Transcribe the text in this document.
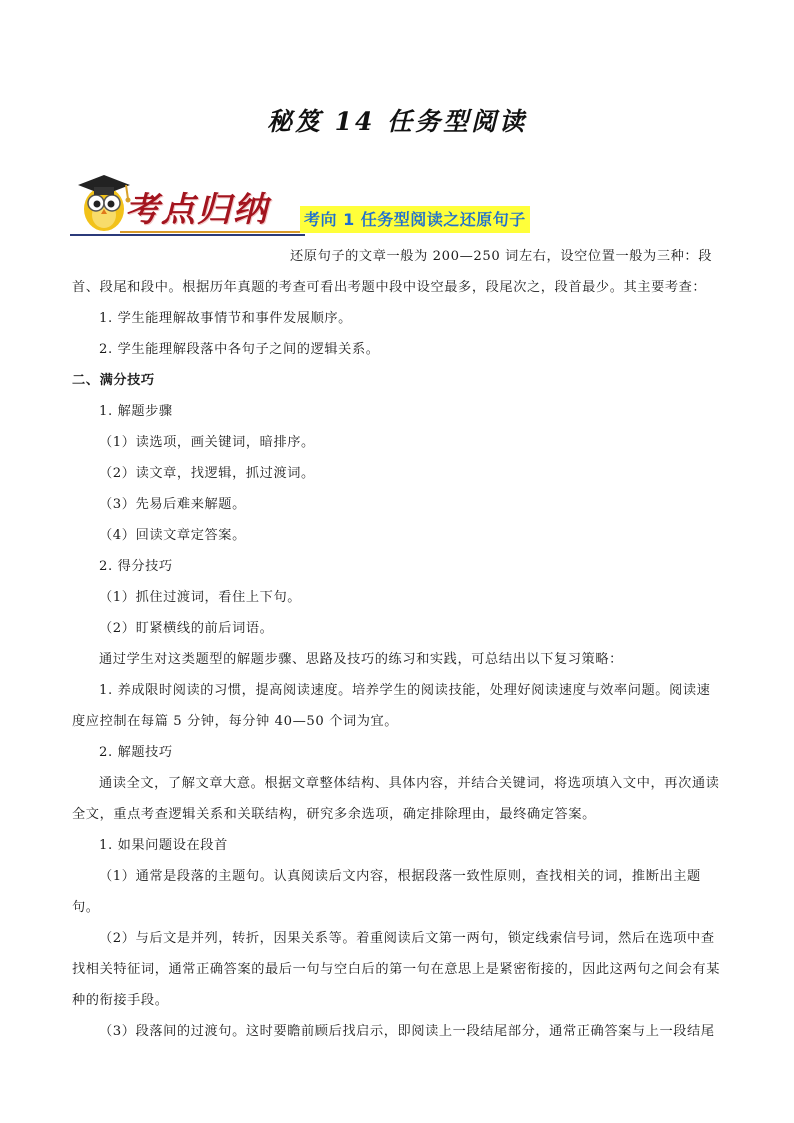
秘笈 14 任务型阅读
考点归纳 考向 1 任务型阅读之还原句子

还原句子的文章一般为 200—250 词左右，设空位置一般为三种：段

首、段尾和段中。根据历年真题的考查可看出考题中段中设空最多，段尾次之，段首最少。其主要考查：

1. 学生能理解故事情节和事件发展顺序。

2. 学生能理解段落中各句子之间的逻辑关系。

二、满分技巧

1. 解题步骤

（1）读选项，画关键词，暗排序。

（2）读文章，找逻辑，抓过渡词。

（3）先易后难来解题。

（4）回读文章定答案。

2. 得分技巧

（1）抓住过渡词，看住上下句。

（2）盯紧横线的前后词语。

通过学生对这类题型的解题步骤、思路及技巧的练习和实践，可总结出以下复习策略：

1. 养成限时阅读的习惯，提高阅读速度。培养学生的阅读技能，处理好阅读速度与效率问题。阅读速度应控制在每篇 5 分钟，每分钟 40—50 个词为宜。

2. 解题技巧

通读全文，了解文章大意。根据文章整体结构、具体内容，并结合关键词，将选项填入文中，再次通读全文，重点考查逻辑关系和关联结构，研究多余选项，确定排除理由，最终确定答案。

1. 如果问题设在段首

（1）通常是段落的主题句。认真阅读后文内容，根据段落一致性原则，查找相关的词，推断出主题句。

（2）与后文是并列，转折，因果关系等。着重阅读后文第一两句，锁定线索信号词，然后在选项中查找相关特征词，通常正确答案的最后一句与空白后的第一句在意思上是紧密衔接的，因此这两句之间会有某种的衔接手段。

（3）段落间的过渡句。这时要瞻前顾后找启示，即阅读上一段结尾部分，通常正确答案与上一段结尾
